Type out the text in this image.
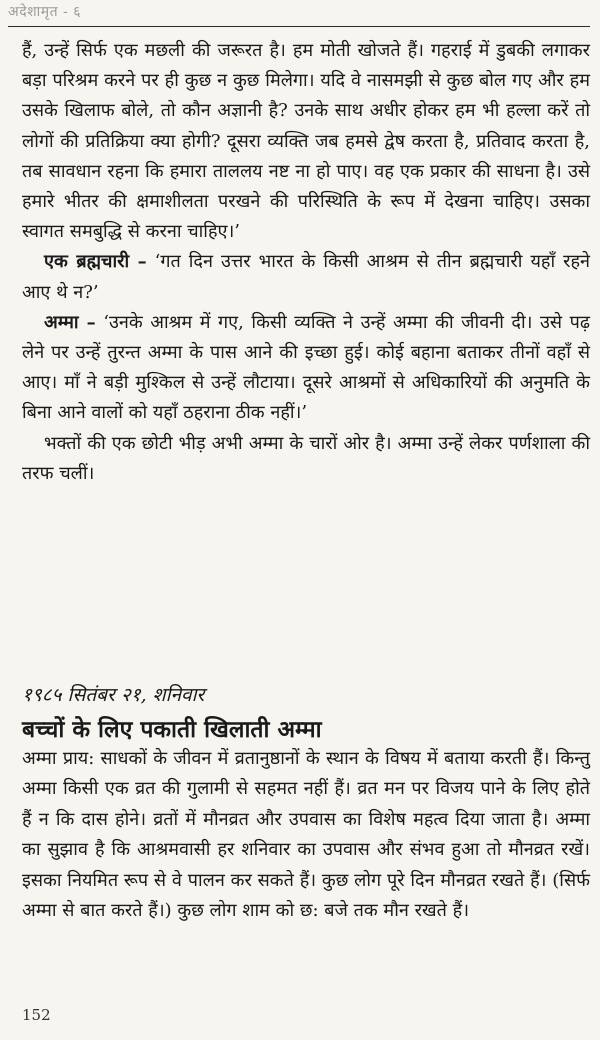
अदेशामृत - ६

हैं, उन्हें सिर्फ एक मछली की जरूरत है। हम मोती खोजते हैं। गहराई में डुबकी लगाकर बड़ा परिश्रम करने पर ही कुछ न कुछ मिलेगा। यदि वे नासमझी से कुछ बोल गए और हम उसके खिलाफ बोले, तो कौन अज्ञानी है? उनके साथ अधीर होकर हम भी हल्ला करें तो लोगों की प्रतिक्रिया क्या होगी? दूसरा व्यक्ति जब हमसे द्वेष करता है, प्रतिवाद करता है, तब सावधान रहना कि हमारा ताललय नष्ट ना हो पाए। वह एक प्रकार की साधना है। उसे हमारे भीतर की क्षमाशीलता परखने की परिस्थिति के रूप में देखना चाहिए। उसका स्वागत समबुद्धि से करना चाहिए।’

एक ब्रह्मचारी – ‘गत दिन उत्तर भारत के किसी आश्रम से तीन ब्रह्मचारी यहाँ रहने आए थे न?’

अम्मा – ‘उनके आश्रम में गए, किसी व्यक्ति ने उन्हें अम्मा की जीवनी दी। उसे पढ़ लेने पर उन्हें तुरन्त अम्मा के पास आने की इच्छा हुई। कोई बहाना बताकर तीनों वहाँ से आए। माँ ने बड़ी मुश्किल से उन्हें लौटाया। दूसरे आश्रमों से अधिकारियों की अनुमति के बिना आने वालों को यहाँ ठहराना ठीक नहीं।’

भक्तों की एक छोटी भीड़ अभी अम्मा के चारों ओर है। अम्मा उन्हें लेकर पर्णशाला की तरफ चलीं।

१९८५ सितंबर २१, शनिवार
बच्चों के लिए पकाती खिलाती अम्मा

अम्मा प्राय: साधकों के जीवन में व्रतानुष्ठानों के स्थान के विषय में बताया करती हैं। किन्तु अम्मा किसी एक व्रत की गुलामी से सहमत नहीं हैं। व्रत मन पर विजय पाने के लिए होते हैं न कि दास होने। व्रतों में मौनव्रत और उपवास का विशेष महत्व दिया जाता है। अम्मा का सुझाव है कि आश्रमवासी हर शनिवार का उपवास और संभव हुआ तो मौनव्रत रखें। इसका नियमित रूप से वे पालन कर सकते हैं। कुछ लोग पूरे दिन मौनव्रत रखते हैं। (सिर्फ अम्मा से बात करते हैं।) कुछ लोग शाम को छ: बजे तक मौन रखते हैं।

152
